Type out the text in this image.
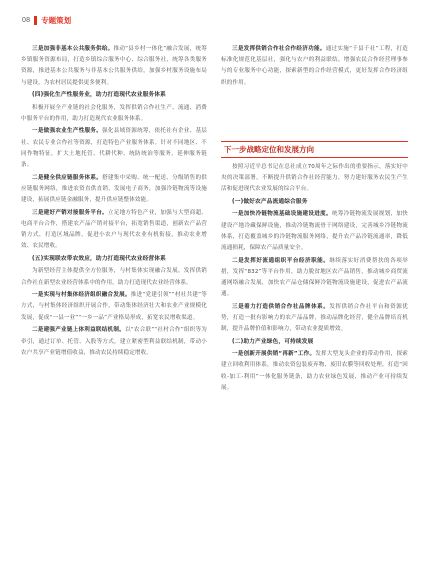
08 专题策划

三是加强非基本公共服务供给。推动“县乡村一体化”融合发展，统筹乡镇服务资源布局，打造乡镇综合服务中心、综合服务社，统筹各类服务资源，推进基本公共服务与非基本公共服务供给，加强乡村服务设施布局与建设，为农村居民提供更多便利。

(四)强化生产性服务业，助力打造现代农业服务体系

积极开展全产业链的社会化服务，发挥供销合作社生产、流通、消费中服务平台的作用，助力打造现代农业服务体系。

一是做强农业生产性服务。强化县域资源统筹，依托社有企业、基层社、农民专业合作社等资源，打造特色产业服务体系。针对不同地区、不同作物特征，扩大土地托管、代耕代种、统防统治等服务，延伸服务链条。

二是健全供应链服务体系。搭建集中采购、统一配送、分级销售的供应链服务网络，推进农资直供直销，发展电子商务，加强冷链物流等设施建设，拓展供应链金融服务，提升供应链整体效能。

三是建好产销对接服务平台。立足地方特色产业，加强与大型商超、电商平台合作，搭建农产品产销对接平台，拓宽销售渠道，创新农产品营销方式，打造区域品牌，促进小农户与现代农业有机衔接，推动农业增效、农民增收。

(五)实现联农带农效应，助力打造现代农业经营体系

为新型经营主体提供全方位服务，与村集体实现融合发展，发挥供销合作社在新型农业经营体系中的作用，助力打造现代农业经营体系。

一是实现与村集体经济组织融合发展。推进“党建引领”“村社共建”等方式，与村集体经济组织开展合作，带动集体经济壮大和农业产业规模化发展，促成“一县一业”“一乡一品”产业格局形成，拓宽农民增收渠道。

二是建强产业链上体利益联结机制。以“农合联”“社村合作”组织等为牵引，通过订单、托管、入股等方式，建立紧密型利益联结机制，带动小农户共享产业链增值收益，推动农民持续稳定增收。

三是发挥供销合作社合作经济功能。通过实施“千县千社”工程，打造标准化规范化基层社，强化与农户的利益联结，增强农民合作经营理事参与的专业服务中心功能，探索新型的合作经营模式，更好发挥合作经济组织的作用。

下一步战略定位和发展方向

按照习近平总书记在总社成立70周年之际作出的重要指示，落实好中央的决策部署，不断提升供销合作社经营能力，努力建好服务农民生产生活和促进现代农业发展的综合平台。

(一)做好农产品流通综合服务

一是加快冷链物流基础设施建设进度。统筹冷链物流发展规划，加快建设产地冷藏保鲜设施，推动冷链物流骨干网络建设，完善城乡冷链物流体系，打造覆盖城乡的冷链物流服务网络，提升农产品冷链流通率，降低流通损耗，保障农产品质量安全。

二是发挥好流通组织平台经济职能。继续落实好消费帮扶的各项举措，发挥“832”等平台作用，助力脱贫地区农产品销售，推动城乡商贸流通网络融合发展，加快农产品仓储保鲜冷链物流设施建设，促进农产品流通。

三是着力打造供销合作社品牌体系。发挥供销合作社平台和资源优势，打造一批有影响力的农产品品牌，推动品牌化经营，健全品牌培育机制，提升品牌价值和影响力，带动农业提质增效。

(二)助力产业绿色，可持续发展

一是创新开展供销“再新”工作。发挥大型龙头企业的带动作用，探索建立回收利用体系，推动农资包装废弃物、废旧农膜等回收处理，打造“回收-加工-利用”一体化服务链条，助力农业绿色发展，推动产业可持续发展。
